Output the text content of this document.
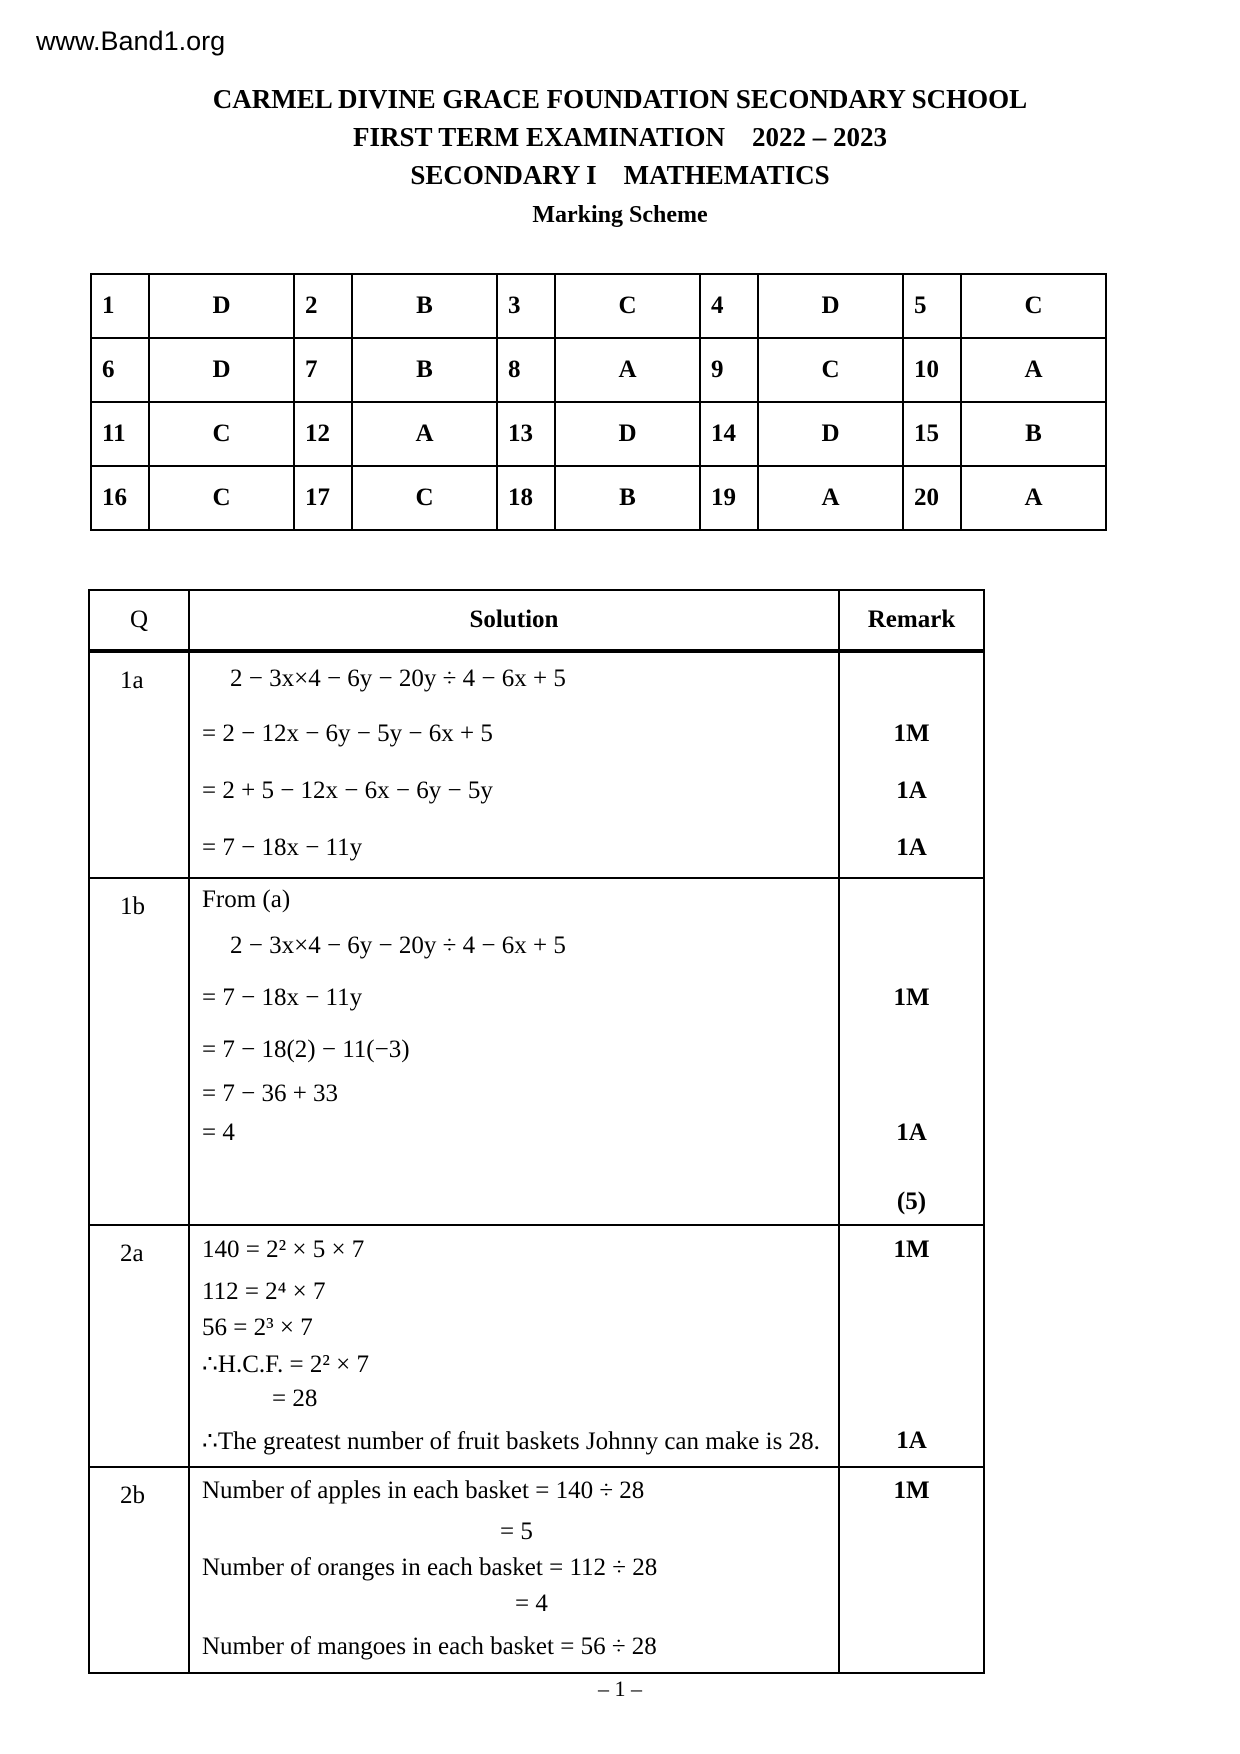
www.Band1.org
CARMEL DIVINE GRACE FOUNDATION SECONDARY SCHOOL
FIRST TERM EXAMINATION    2022 – 2023
SECONDARY I    MATHEMATICS
Marking Scheme
1	D	2	B	3	C	4	D	5	C
6	D	7	B	8	A	9	C	10	A
11	C	12	A	13	D	14	D	15	B
16	C	17	C	18	B	19	A	20	A
Q	Solution	Remark
1a	2 − 3x×4 − 6y − 20y ÷ 4 − 6x + 5
= 2 − 12x − 6y − 5y − 6x + 5	1M
= 2 + 5 − 12x − 6x − 6y − 5y	1A
= 7 − 18x − 11y	1A
1b	From (a)
2 − 3x×4 − 6y − 20y ÷ 4 − 6x + 5
= 7 − 18x − 11y	1M
= 7 − 18(2) − 11(−3)
= 7 − 36 + 33
= 4	1A
(5)
2a	140 = 2² × 5 × 7	1M
112 = 2⁴ × 7
56 = 2³ × 7
∴H.C.F. = 2² × 7
= 28
∴The greatest number of fruit baskets Johnny can make is 28.	1A
2b	Number of apples in each basket = 140 ÷ 28	1M
= 5
Number of oranges in each basket = 112 ÷ 28
= 4
Number of mangoes in each basket = 56 ÷ 28
– 1 –
